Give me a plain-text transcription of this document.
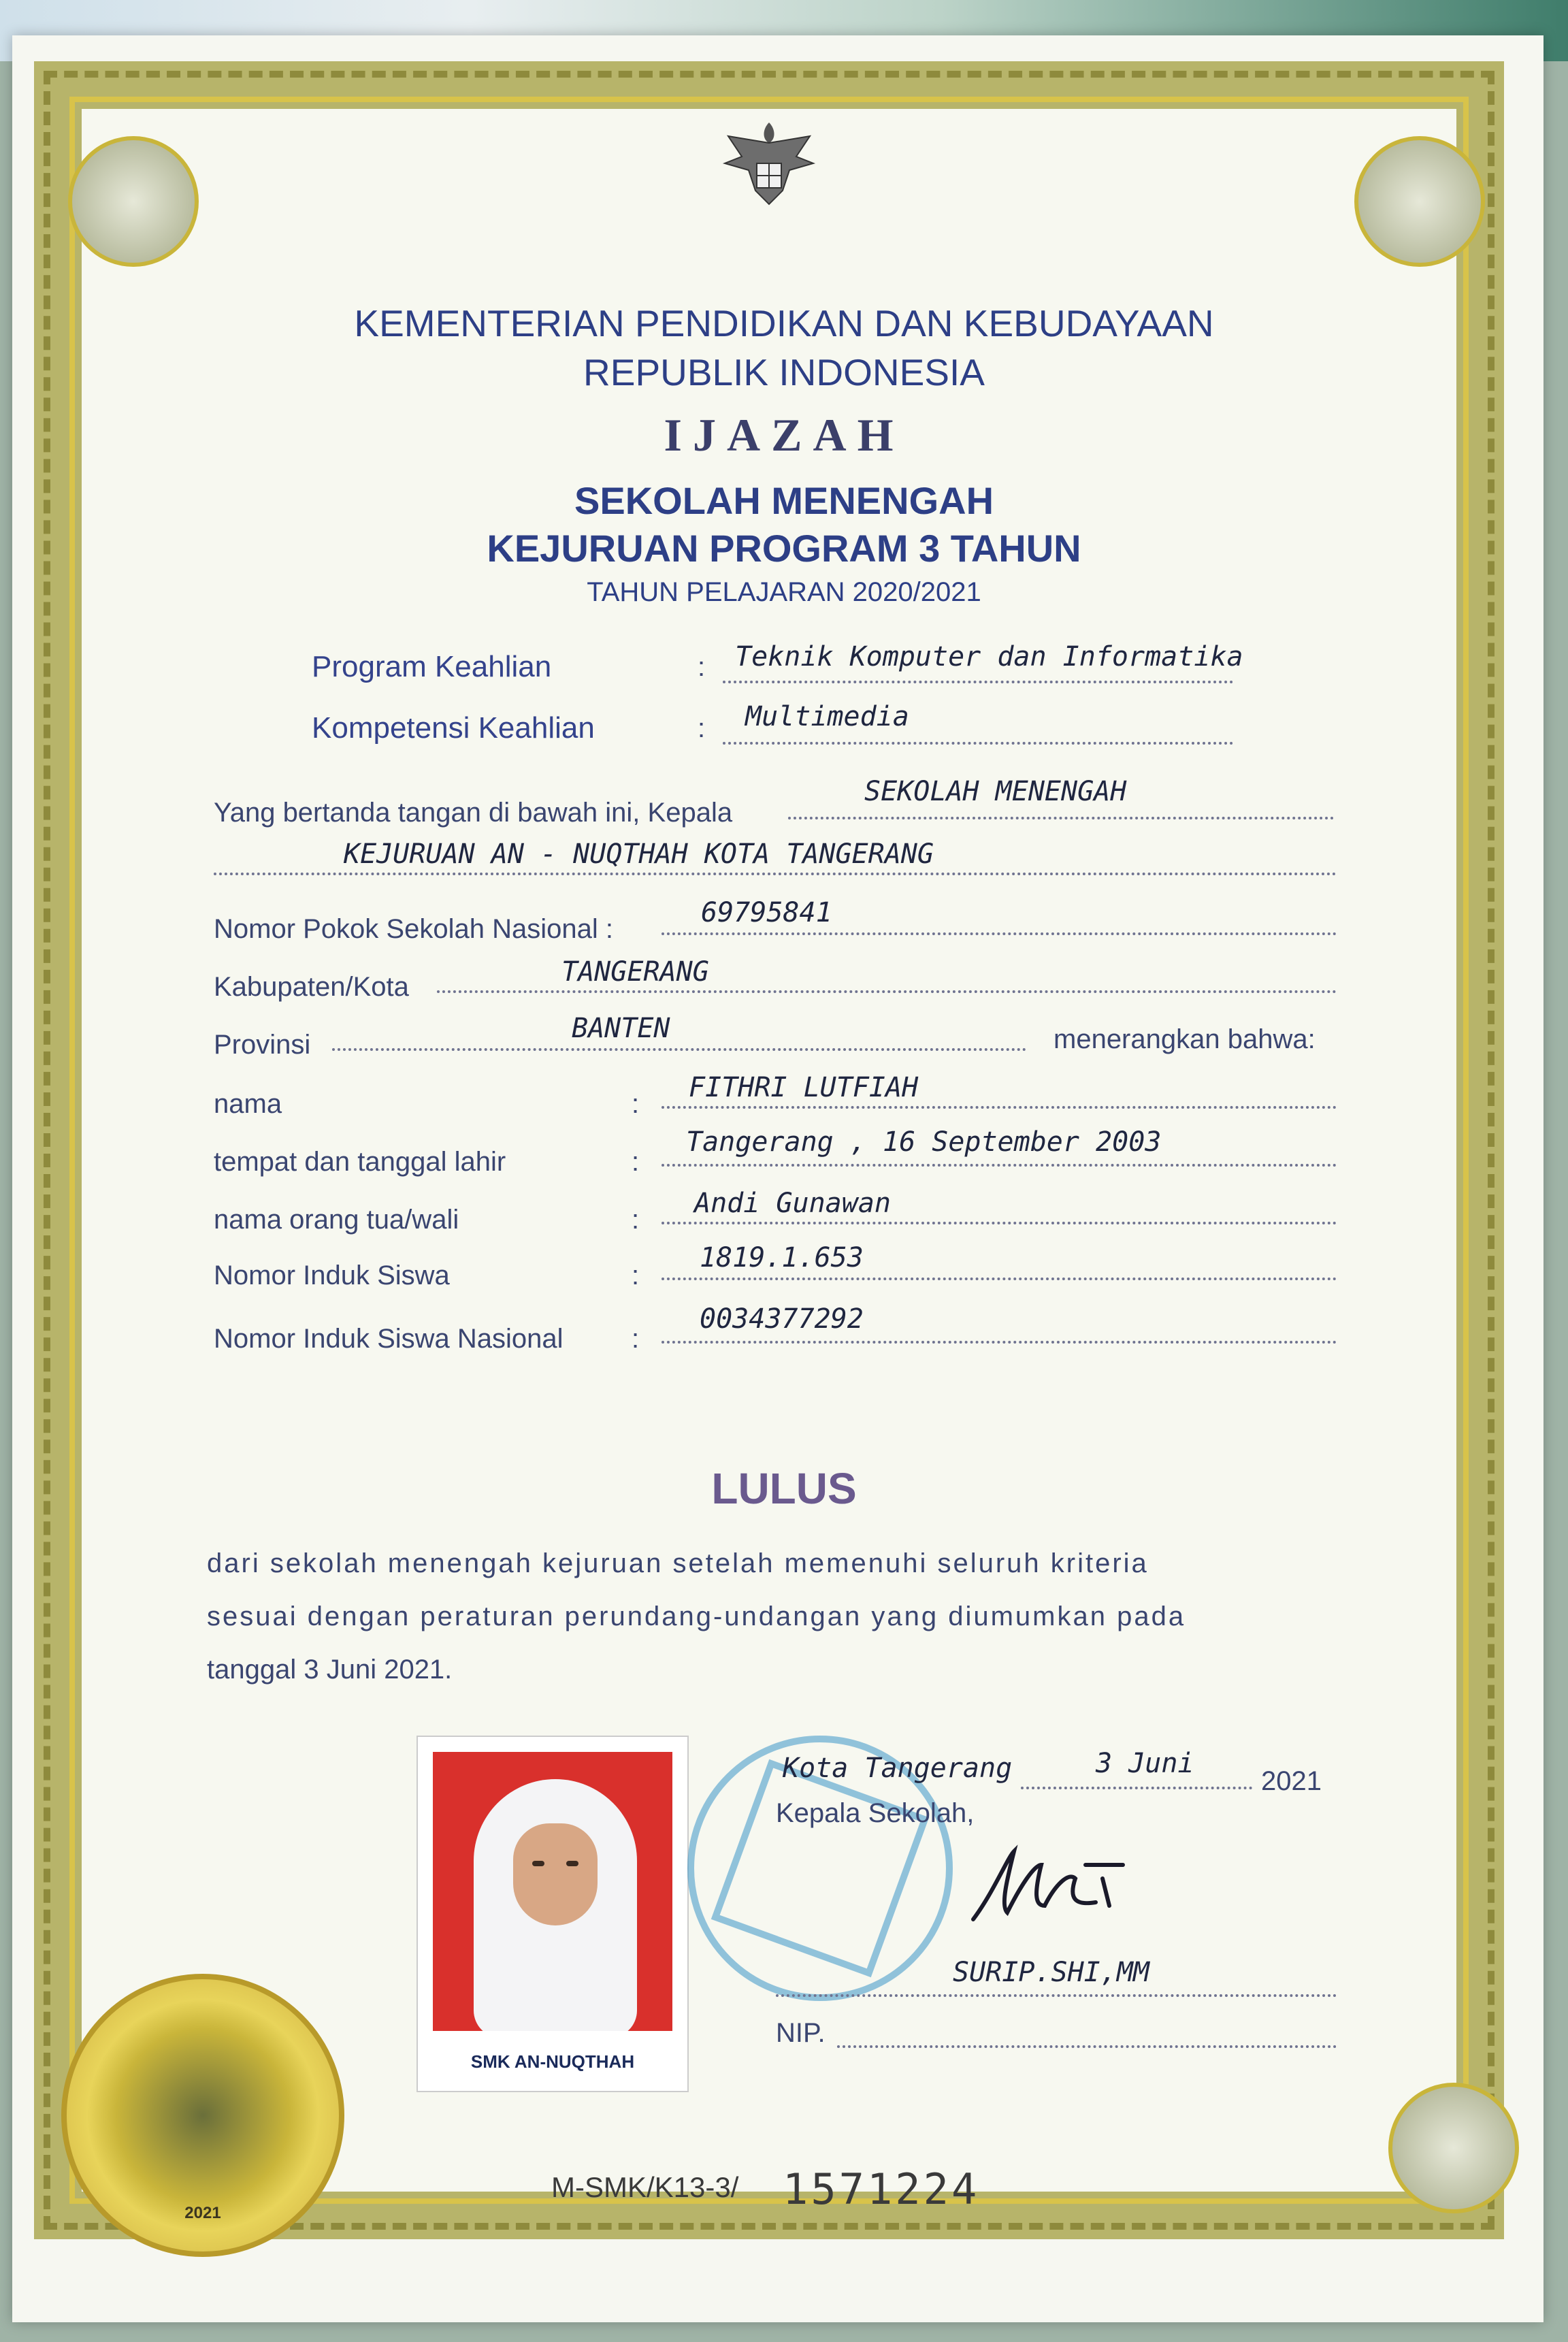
KEMENTERIAN PENDIDIKAN DAN KEBUDAYAAN
REPUBLIK INDONESIA
IJAZAH
SEKOLAH MENENGAH
KEJURUAN PROGRAM 3 TAHUN
TAHUN PELAJARAN 2020/2021
Program Keahlian	: Teknik Komputer dan Informatika
Kompetensi Keahlian	: Multimedia
Yang bertanda tangan di bawah ini, Kepala
SEKOLAH MENENGAH
KEJURUAN AN - NUQTHAH KOTA TANGERANG
Nomor Pokok Sekolah Nasional :
69795841
Kabupaten/Kota	TANGERANG
Provinsi
BANTEN	menerangkan bahwa:
nama	:
FITHRI LUTFIAH
tempat dan tanggal lahir	:
Tangerang , 16 September 2003
nama orang tua/wali	:
Andi Gunawan
Nomor Induk Siswa	:
1819.1.653
Nomor Induk Siswa Nasional	:
0034377292
LULUS
dari sekolah menengah kejuruan setelah memenuhi seluruh kriteria
sesuai dengan peraturan perundang-undangan yang diumumkan pada
tanggal 3 Juni 2021.
SMK AN-NUQTHAH
Kota Tangerang	3 Juni
2021
Kepala Sekolah,
SURIP.SHI,MM
NIP.
2021
M-SMK/K13-3/ 1571224
